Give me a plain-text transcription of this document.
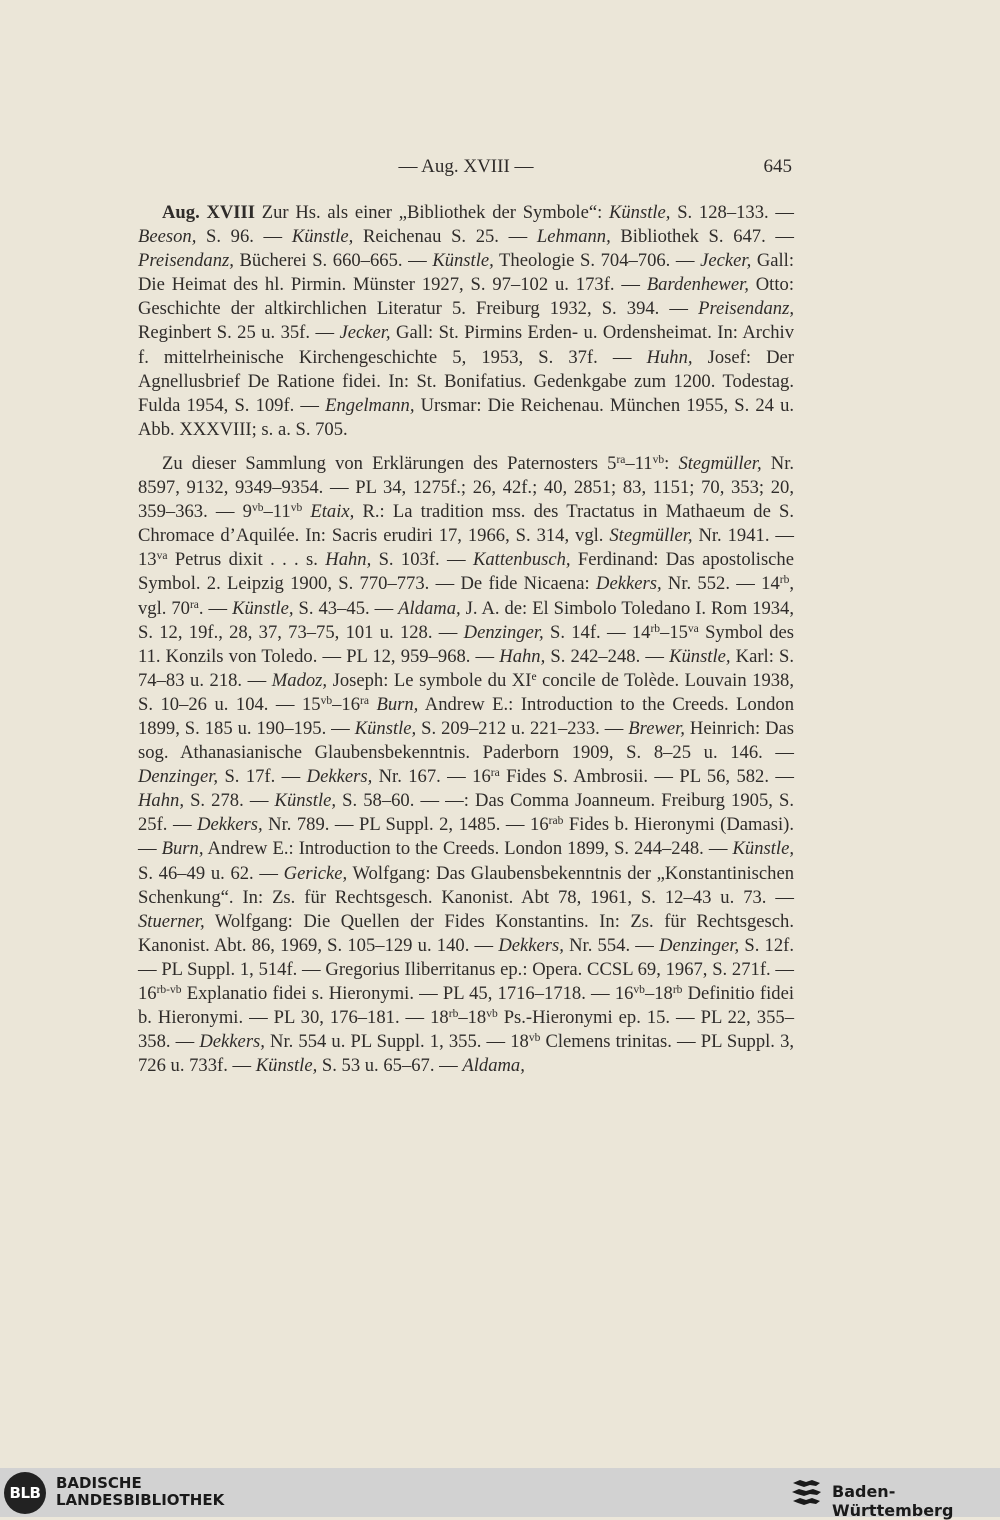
— Aug. XVIII —	645

Aug. XVIII Zur Hs. als einer „Bibliothek der Symbole“: Künstle, S. 128–133. — Beeson, S. 96. — Künstle, Reichenau S. 25. — Lehmann, Bibliothek S. 647. — Preisendanz, Bücherei S. 660–665. — Künstle, Theologie S. 704–706. — Jecker, Gall: Die Heimat des hl. Pirmin. Münster 1927, S. 97–102 u. 173f. — Bardenhewer, Otto: Geschichte der altkirchlichen Literatur 5. Freiburg 1932, S. 394. — Preisendanz, Reginbert S. 25 u. 35f. — Jecker, Gall: St. Pirmins Erden- u. Ordensheimat. In: Archiv f. mittelrheinische Kirchengeschichte 5, 1953, S. 37f. — Huhn, Josef: Der Agnellusbrief De Ratione fidei. In: St. Bonifatius. Gedenkgabe zum 1200. Todestag. Fulda 1954, S. 109f. — Engelmann, Ursmar: Die Reichenau. München 1955, S. 24 u. Abb. XXXVIII; s. a. S. 705.

Zu dieser Sammlung von Erklärungen des Paternosters $5^{ra}-11^{vb}$: Stegmüller, Nr. 8597, 9132, 9349–9354. — PL 34, 1275f.; 26, 42f.; 40, 2851; 83, 1151; 70, 353; 20, 359–363. — $9^{vb}-11^{vb}$ Etaix, R.: La tradition mss. des Tractatus in Mathaeum de S. Chromace d’Aquilée. In: Sacris erudiri 17, 1966, S. 314, vgl. Stegmüller, Nr. 1941. — $13^{va}$ Petrus dixit . . . s. Hahn, S. 103f. — Kattenbusch, Ferdinand: Das apostolische Symbol. 2. Leipzig 1900, S. 770–773. — De fide Nicaena: Dekkers, Nr. 552. — $14^{rb}$, vgl. $70^{ra}$. — Künstle, S. 43–45. — Aldama, J. A. de: El Simbolo Toledano I. Rom 1934, S. 12, 19f., 28, 37, 73–75, 101 u. 128. — Denzinger, S. 14f. — $14^{rb}-15^{va}$ Symbol des 11. Konzils von Toledo. — PL 12, 959–968. — Hahn, S. 242–248. — Künstle, Karl: S. 74–83 u. 218. — Madoz, Joseph: Le symbole du XIe concile de Tolède. Louvain 1938, S. 10–26 u. 104. — $15^{vb}-16^{ra}$ Burn, Andrew E.: Introduction to the Creeds. London 1899, S. 185 u. 190–195. — Künstle, S. 209–212 u. 221–233. — Brewer, Heinrich: Das sog. Athanasianische Glaubensbekenntnis. Paderborn 1909, S. 8–25 u. 146. — Denzinger, S. 17f. — Dekkers, Nr. 167. — $16^{ra}$ Fides S. Ambrosii. — PL 56, 582. — Hahn, S. 278. — Künstle, S. 58–60. — —: Das Comma Joanneum. Freiburg 1905, S. 25f. — Dekkers, Nr. 789. — PL Suppl. 2, 1485. — $16^{rab}$ Fides b. Hieronymi (Damasi). — Burn, Andrew E.: Introduction to the Creeds. London 1899, S. 244–248. — Künstle, S. 46–49 u. 62. — Gericke, Wolfgang: Das Glaubensbekenntnis der „Konstantinischen Schenkung“. In: Zs. für Rechtsgesch. Kanonist. Abt 78, 1961, S. 12–43 u. 73. — Stuerner, Wolfgang: Die Quellen der Fides Konstantins. In: Zs. für Rechtsgesch. Kanonist. Abt. 86, 1969, S. 105–129 u. 140. — Dekkers, Nr. 554. — Denzinger, S. 12f. — PL Suppl. 1, 514f. — Gregorius Iliberritanus ep.: Opera. CCSL 69, 1967, S. 271f. — $16^{rb-vb}$ Explanatio fidei s. Hieronymi. — PL 45, 1716–1718. — $16^{vb}-18^{rb}$ Definitio fidei b. Hieronymi. — PL 30, 176–181. — $18^{rb}-18^{vb}$ Ps.-Hieronymi ep. 15. — PL 22, 355–358. — Dekkers, Nr. 554 u. PL Suppl. 1, 355. — $18^{vb}$ Clemens trinitas. — PL Suppl. 3, 726 u. 733f. — Künstle, S. 53 u. 65–67. — Aldama,

BLB
BADISCHE
LANDESBIBLIOTHEK	Baden-Württemberg
